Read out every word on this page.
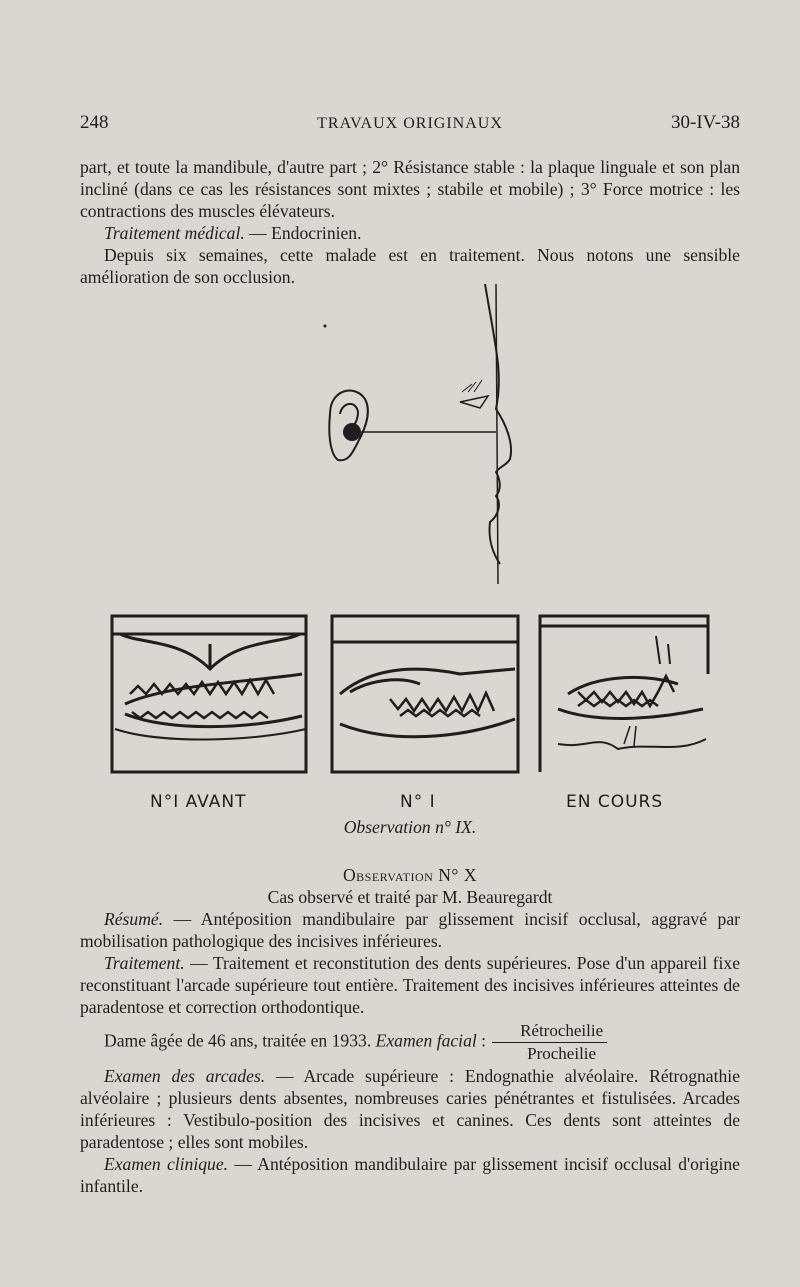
248	TRAVAUX ORIGINAUX	30-IV-38

part, et toute la mandibule, d'autre part ; 2° Résistance stable : la plaque linguale et son plan incliné (dans ce cas les résistances sont mixtes ; stabile et mobile) ; 3° Force motrice : les contractions des muscles élévateurs.

Traitement médical. — Endocrinien.

Depuis six semaines, cette malade est en traitement. Nous notons une sensible amélioration de son occlusion.

N°I AVANT	N° I	EN COURS
Observation n° IX.

Observation N° X

Cas observé et traité par M. Beauregardt

Résumé. — Antéposition mandibulaire par glissement incisif occlusal, aggravé par mobilisation pathologique des incisives inférieures.

Traitement. — Traitement et reconstitution des dents supérieures. Pose d'un appareil fixe reconstituant l'arcade supérieure tout entière. Traitement des incisives inférieures atteintes de paradentose et correction orthodontique.

Dame âgée de 46 ans, traitée en 1933. Examen facial : $\frac{\text{Rétrocheilie}}{\text{Procheilie}}$

Examen des arcades. — Arcade supérieure : Endognathie alvéolaire. Rétrognathie alvéolaire ; plusieurs dents absentes, nombreuses caries pénétrantes et fistulisées. Arcades inférieures : Vestibulo-position des incisives et canines. Ces dents sont atteintes de paradentose ; elles sont mobiles.

Examen clinique. — Antéposition mandibulaire par glissement incisif occlusal d'origine infantile.
